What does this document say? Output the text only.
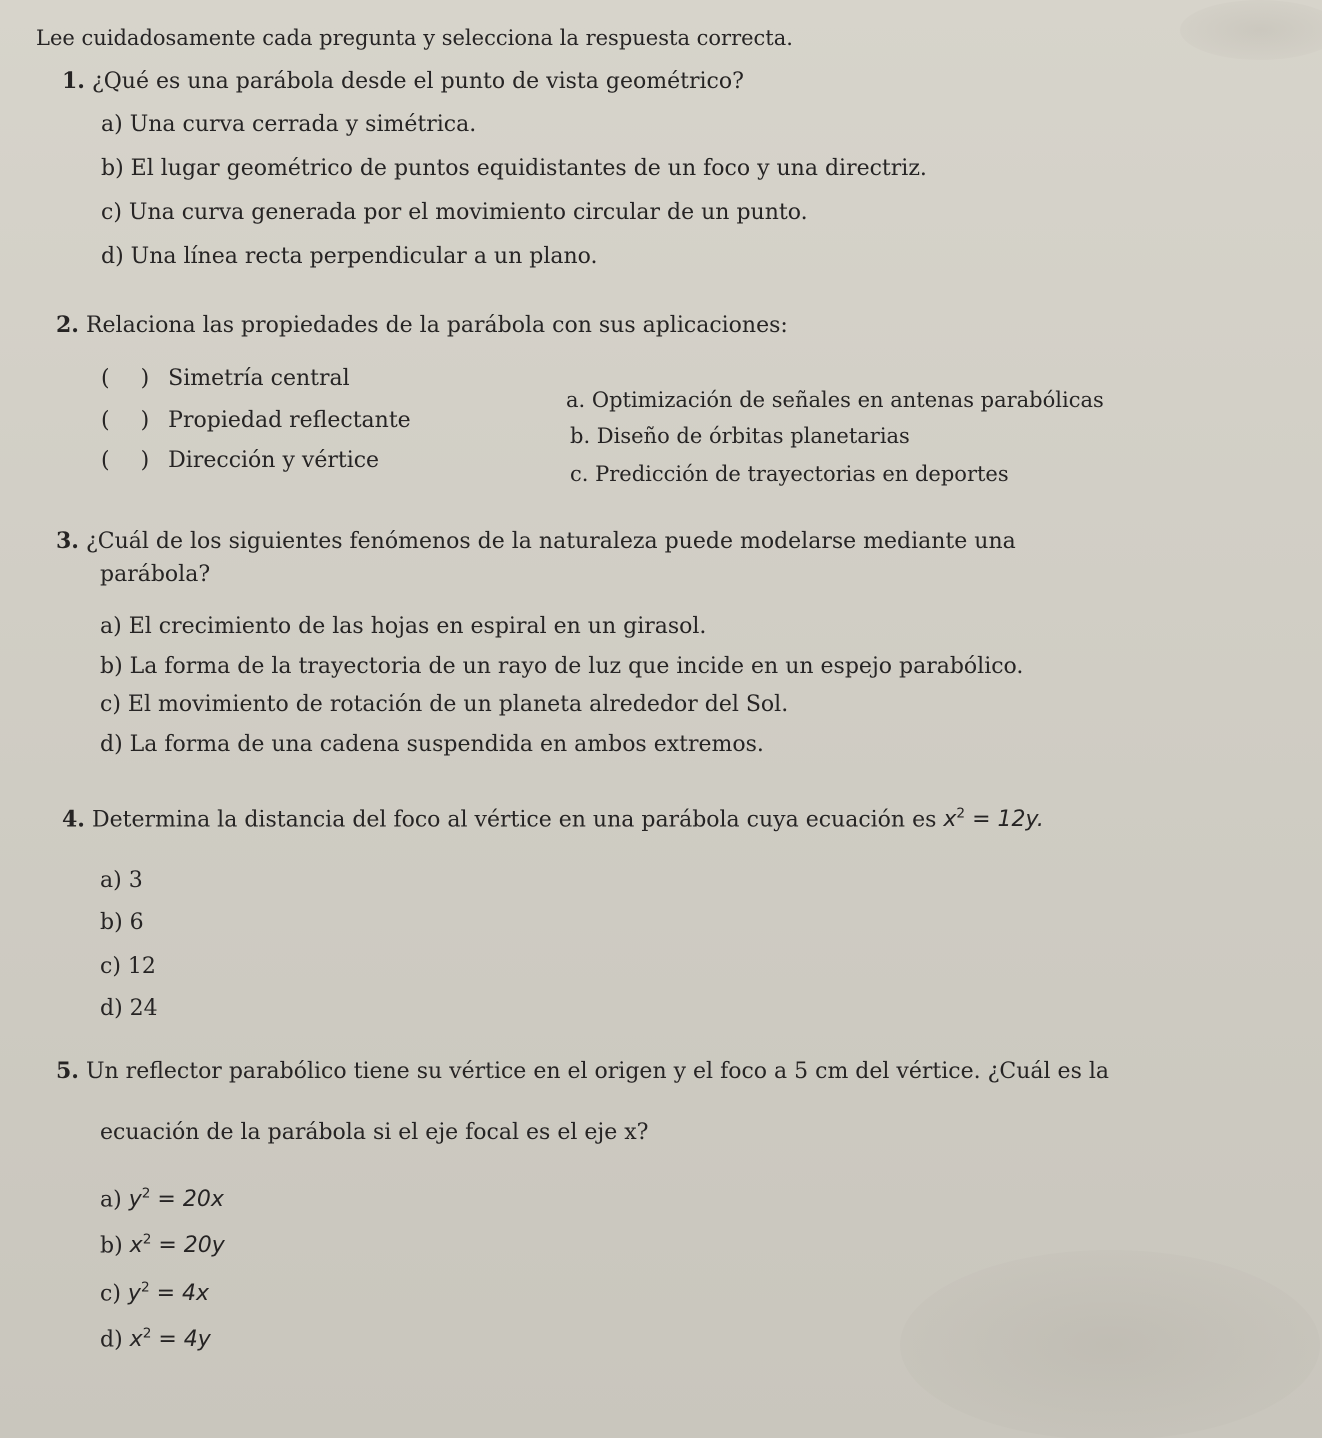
Lee cuidadosamente cada pregunta y selecciona la respuesta correcta.
1. ¿Qué es una parábola desde el punto de vista geométrico?
a) Una curva cerrada y simétrica.
b) El lugar geométrico de puntos equidistantes de un foco y una directriz.
c) Una curva generada por el movimiento circular de un punto.
d) Una línea recta perpendicular a un plano.
2. Relaciona las propiedades de la parábola con sus aplicaciones:
( ) Simetría central
( ) Propiedad reflectante
( ) Dirección y vértice
a. Optimización de señales en antenas parabólicas
b. Diseño de órbitas planetarias
c. Predicción de trayectorias en deportes
3. ¿Cuál de los siguientes fenómenos de la naturaleza puede modelarse mediante una
parábola?
a) El crecimiento de las hojas en espiral en un girasol.
b) La forma de la trayectoria de un rayo de luz que incide en un espejo parabólico.
c) El movimiento de rotación de un planeta alrededor del Sol.
d) La forma de una cadena suspendida en ambos extremos.
4. Determina la distancia del foco al vértice en una parábola cuya ecuación es $x^2 = 12y$.
a) 3
b) 6
c) 12
d) 24
5. Un reflector parabólico tiene su vértice en el origen y el foco a 5 cm del vértice. ¿Cuál es la
ecuación de la parábola si el eje focal es el eje x?
a) $y^2 = 20x$
b) $x^2 = 20y$
c) $y^2 = 4x$
d) $x^2 = 4y$
